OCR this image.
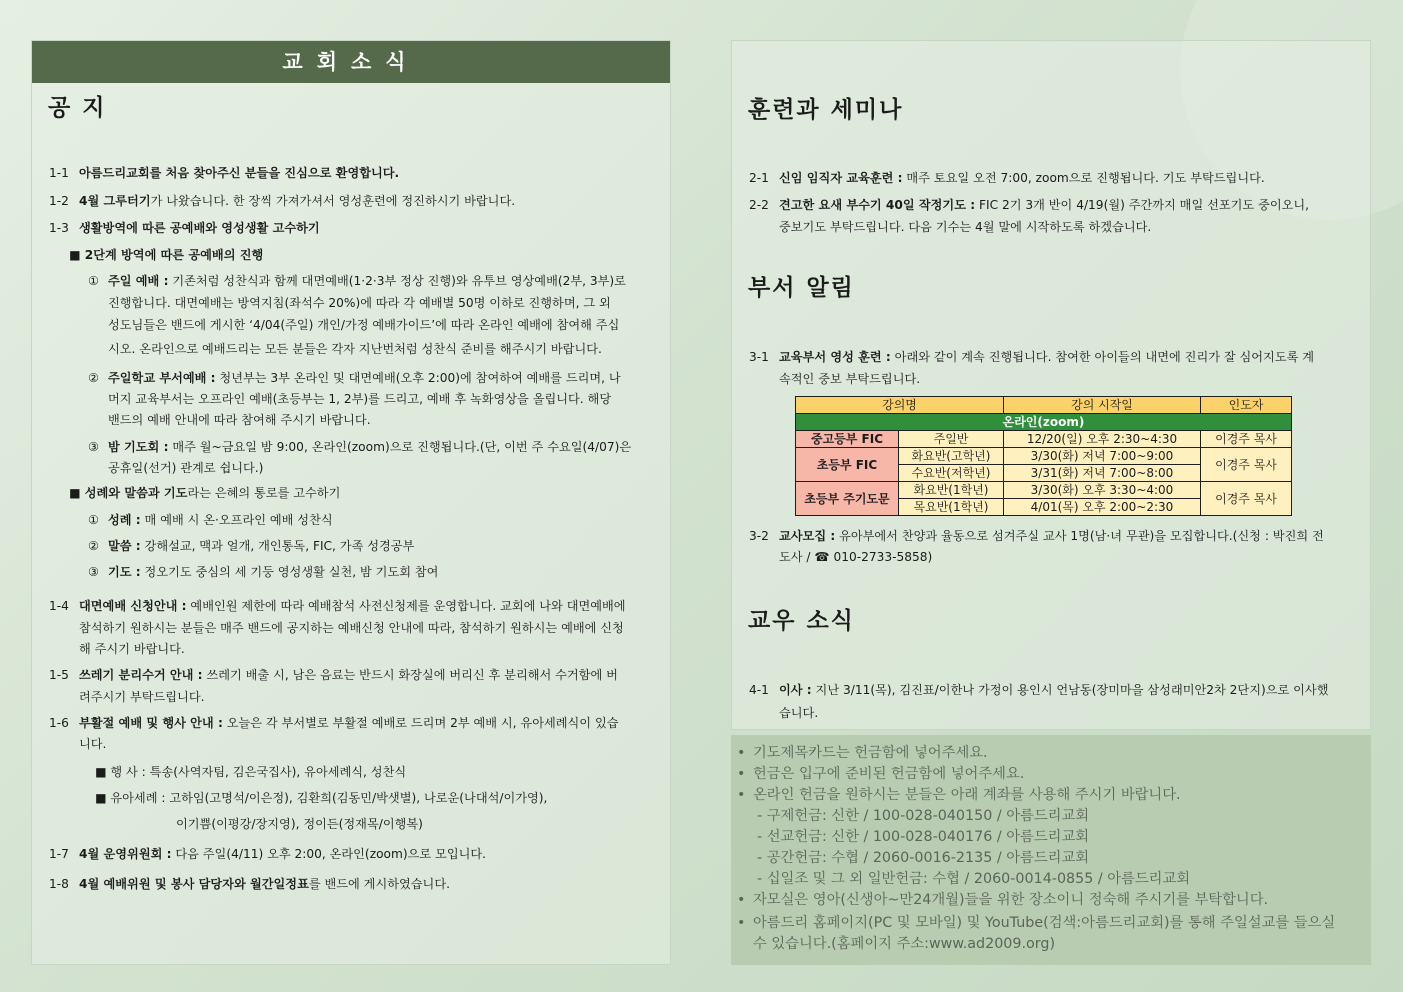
교회소식
공 지
1-1 아름드리교회를 처음 찾아주신 분들을 진심으로 환영합니다.
1-2 4월 그루터기가 나왔습니다. 한 장씩 가져가셔서 영성훈련에 정진하시기 바랍니다.
1-3 생활방역에 따른 공예배와 영성생활 고수하기
■ 2단계 방역에 따른 공예배의 진행
① 주일 예배 : 기존처럼 성찬식과 함께 대면예배(1·2·3부 정상 진행)와 유투브 영상예배(2부, 3부)로
진행합니다. 대면예배는 방역지침(좌석수 20%)에 따라 각 예배별 50명 이하로 진행하며, 그 외
성도님들은 밴드에 게시한 ‘4/04(주일) 개인/가정 예배가이드’에 따라 온라인 예배에 참여해 주십
시오. 온라인으로 예배드리는 모든 분들은 각자 지난번처럼 성찬식 준비를 해주시기 바랍니다.
② 주일학교 부서예배 : 청년부는 3부 온라인 및 대면예배(오후 2:00)에 참여하여 예배를 드리며, 나
머지 교육부서는 오프라인 예배(초등부는 1, 2부)를 드리고, 예배 후 녹화영상을 올립니다. 해당
밴드의 예배 안내에 따라 참여해 주시기 바랍니다.
③ 밤 기도회 : 매주 월~금요일 밤 9:00, 온라인(zoom)으로 진행됩니다.(단, 이번 주 수요일(4/07)은
공휴일(선거) 관계로 쉽니다.)
■ 성례와 말씀과 기도라는 은혜의 통로를 고수하기
① 성례 : 매 예배 시 온·오프라인 예배 성찬식
② 말씀 : 강해설교, 맥과 얼개, 개인통독, FIC, 가족 성경공부
③ 기도 : 정오기도 중심의 세 기둥 영성생활 실천, 밤 기도회 참여
1-4 대면예배 신청안내 : 예배인원 제한에 따라 예배참석 사전신청제를 운영합니다. 교회에 나와 대면예배에
참석하기 원하시는 분들은 매주 밴드에 공지하는 예배신청 안내에 따라, 참석하기 원하시는 예배에 신청
해 주시기 바랍니다.
1-5 쓰레기 분리수거 안내 : 쓰레기 배출 시, 남은 음료는 반드시 화장실에 버리신 후 분리해서 수거함에 버
려주시기 부탁드립니다.
1-6 부활절 예배 및 행사 안내 : 오늘은 각 부서별로 부활절 예배로 드리며 2부 예배 시, 유아세례식이 있습
니다.
■ 행 사 : 특송(사역자팀, 김은국집사), 유아세례식, 성찬식
■ 유아세례 : 고하임(고명석/이은정), 김환희(김동민/박샛별), 나로운(나대석/이가영),
이기쁨(이평강/장지영), 정이든(정재목/이행복)
1-7 4월 운영위원회 : 다음 주일(4/11) 오후 2:00, 온라인(zoom)으로 모입니다.
1-8 4월 예배위원 및 봉사 담당자와 월간일정표를 밴드에 게시하였습니다.
훈련과 세미나
2-1 신임 임직자 교육훈련 : 매주 토요일 오전 7:00, zoom으로 진행됩니다. 기도 부탁드립니다.
2-2 견고한 요새 부수기 40일 작정기도 : FIC 2기 3개 반이 4/19(월) 주간까지 매일 선포기도 중이오니,
중보기도 부탁드립니다. 다음 기수는 4월 말에 시작하도록 하겠습니다.
부서 알림
3-1 교육부서 영성 훈련 : 아래와 같이 계속 진행됩니다. 참여한 아이들의 내면에 진리가 잘 심어지도록 계
속적인 중보 부탁드립니다.
강의명		강의 시작일	인도자
온라인(zoom)			
중고등부 FIC	주일반	12/20(일) 오후 2:30~4:30	이경주 목사
초등부 FIC	화요반(고학년)	3/30(화) 저녁 7:00~9:00	이경주 목사
	수요반(저학년)	3/31(화) 저녁 7:00~8:00	
초등부 주기도문	화요반(1학년)	3/30(화) 오후 3:30~4:00	이경주 목사
	목요반(1학년)	4/01(목) 오후 2:00~2:30	
3-2 교사모집 : 유아부에서 찬양과 율동으로 섬겨주실 교사 1명(남·녀 무관)을 모집합니다.(신청 : 박진희 전
도사 / ☎ 010-2733-5858)
교우 소식
4-1 이사 : 지난 3/11(목), 김진표/이한나 가정이 용인시 언남동(장미마을 삼성래미안2차 2단지)으로 이사했
습니다.
• 기도제목카드는 헌금함에 넣어주세요.
• 헌금은 입구에 준비된 헌금함에 넣어주세요.
• 온라인 헌금을 원하시는 분들은 아래 계좌를 사용해 주시기 바랍니다.
- 구제헌금: 신한 / 100-028-040150 / 아름드리교회
- 선교헌금: 신한 / 100-028-040176 / 아름드리교회
- 공간헌금: 수협 / 2060-0016-2135 / 아름드리교회
- 십일조 및 그 외 일반헌금: 수협 / 2060-0014-0855 / 아름드리교회
• 자모실은 영아(신생아~만24개월)들을 위한 장소이니 정숙해 주시기를 부탁합니다.
• 아름드리 홈페이지(PC 및 모바일) 및 YouTube(검색:아름드리교회)를 통해 주일설교를 들으실
수 있습니다.(홈페이지 주소:www.ad2009.org)
